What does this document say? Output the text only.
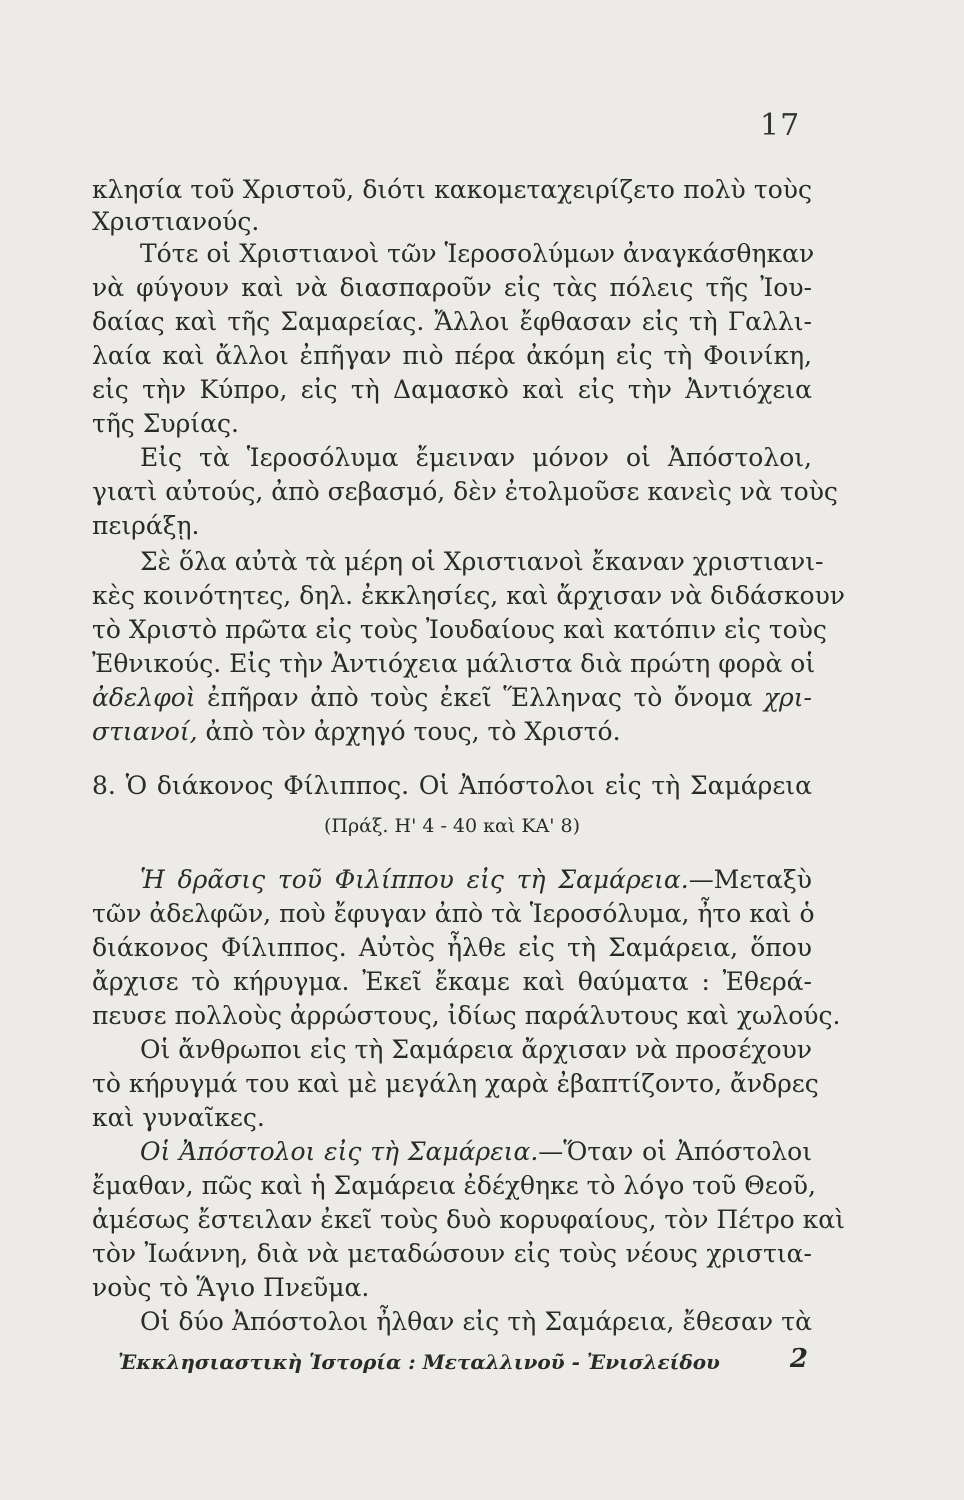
17
κλησία τοῦ Χριστοῦ, διότι κακομεταχειρίζετο πολὺ τοὺς
Χριστιανούς.
Τότε οἱ Χριστιανοὶ τῶν Ἱεροσολύμων ἀναγκάσθηκαν
νὰ φύγουν καὶ νὰ διασπαροῦν εἰς τὰς πόλεις τῆς Ἰου-
δαίας καὶ τῆς Σαμαρείας. Ἄλλοι ἔφθασαν εἰς τὴ Γαλλι-
λαία καὶ ἄλλοι ἐπῆγαν πιὸ πέρα ἀκόμη εἰς τὴ Φοινίκη,
εἰς τὴν Κύπρο, εἰς τὴ Δαμασκὸ καὶ εἰς τὴν Ἀντιόχεια
τῆς Συρίας.
Εἰς τὰ Ἱεροσόλυμα ἔμειναν μόνον οἱ Ἀπόστολοι,
γιατὶ αὐτούς, ἀπὸ σεβασμό, δὲν ἐτολμοῦσε κανεὶς νὰ τοὺς
πειράξῃ.
Σὲ ὅλα αὐτὰ τὰ μέρη οἱ Χριστιανοὶ ἔκαναν χριστιανι-
κὲς κοινότητες, δηλ. ἐκκλησίες, καὶ ἄρχισαν νὰ διδάσκουν
τὸ Χριστὸ πρῶτα εἰς τοὺς Ἰουδαίους καὶ κατόπιν εἰς τοὺς
Ἐθνικούς. Εἰς τὴν Ἀντιόχεια μάλιστα διὰ πρώτη φορὰ οἱ
ἀδελφοὶ ἐπῆραν ἀπὸ τοὺς ἐκεῖ Ἕλληνας τὸ ὄνομα χρι-
στιανοί, ἀπὸ τὸν ἀρχηγό τους, τὸ Χριστό.
8. Ὁ διάκονος Φίλιππος. Οἱ Ἀπόστολοι εἰς τὴ Σαμάρεια
(Πράξ. Η' 4 - 40 καὶ ΚΑ' 8)
Ἡ δρᾶσις τοῦ Φιλίππου εἰς τὴ Σαμάρεια.—Μεταξὺ
τῶν ἀδελφῶν, ποὺ ἔφυγαν ἀπὸ τὰ Ἱεροσόλυμα, ἦτο καὶ ὁ
διάκονος Φίλιππος. Αὐτὸς ἦλθε εἰς τὴ Σαμάρεια, ὅπου
ἄρχισε τὸ κήρυγμα. Ἐκεῖ ἔκαμε καὶ θαύματα : Ἐθερά-
πευσε πολλοὺς ἀρρώστους, ἰδίως παράλυτους καὶ χωλούς.
Οἱ ἄνθρωποι εἰς τὴ Σαμάρεια ἄρχισαν νὰ προσέχουν
τὸ κήρυγμά του καὶ μὲ μεγάλη χαρὰ ἐβαπτίζοντο, ἄνδρες
καὶ γυναῖκες.
Οἱ Ἀπόστολοι εἰς τὴ Σαμάρεια.—Ὅταν οἱ Ἀπόστολοι
ἔμαθαν, πῶς καὶ ἡ Σαμάρεια ἐδέχθηκε τὸ λόγο τοῦ Θεοῦ,
ἀμέσως ἔστειλαν ἐκεῖ τοὺς δυὸ κορυφαίους, τὸν Πέτρο καὶ
τὸν Ἰωάννη, διὰ νὰ μεταδώσουν εἰς τοὺς νέους χριστια-
νοὺς τὸ Ἅγιο Πνεῦμα.
Οἱ δύο Ἀπόστολοι ἦλθαν εἰς τὴ Σαμάρεια, ἔθεσαν τὰ
Ἐκκλησιαστικὴ Ἱστορία : Μεταλλινοῦ - Ἐνισλείδου	2
